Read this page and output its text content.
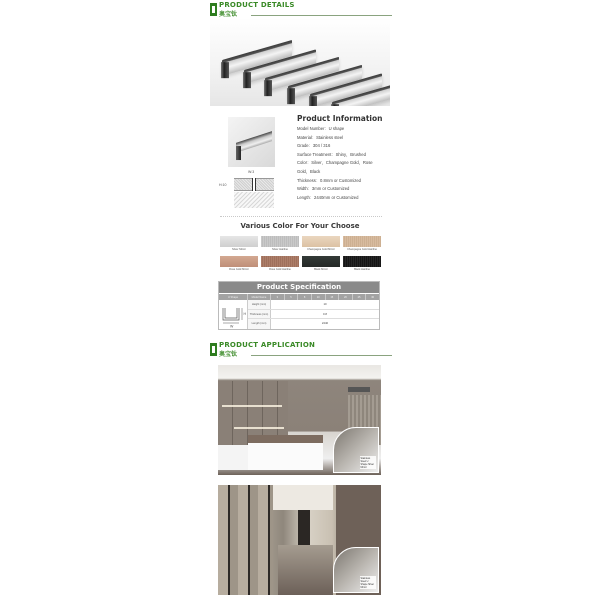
PRODUCT DETAILS
奥宝钛
W:3
H:10
Product Information
Model Number：U shape
Material：Stainless steel
Grade：304 / 316
Surface Treatment：Shiny，Brushed
Color：Silver，Champagne Gold，Rose
Gold，Black
Thickness：0.8mm or Customized
Width：3mm or Customized
Length：2440mm or Customized
Various Color For Your Choose
Silver Mirror	Silver Hairline	Champagne Gold Mirror	Champagne Gold Hairline
Rose Gold Mirror	Rose Gold Hairline	Black Mirror	Black Hairline
Product Specification
U Shape	Model Name	3	5	8	10	15	20	25	30
H
W
Height (mm)	10
Thickness (mm)	0.8
Length (mm)	2440
PRODUCT APPLICATION
奥宝钛
Stainless Steel U Shape Silver Mirror
Stainless Steel U Shape Silver Mirror
